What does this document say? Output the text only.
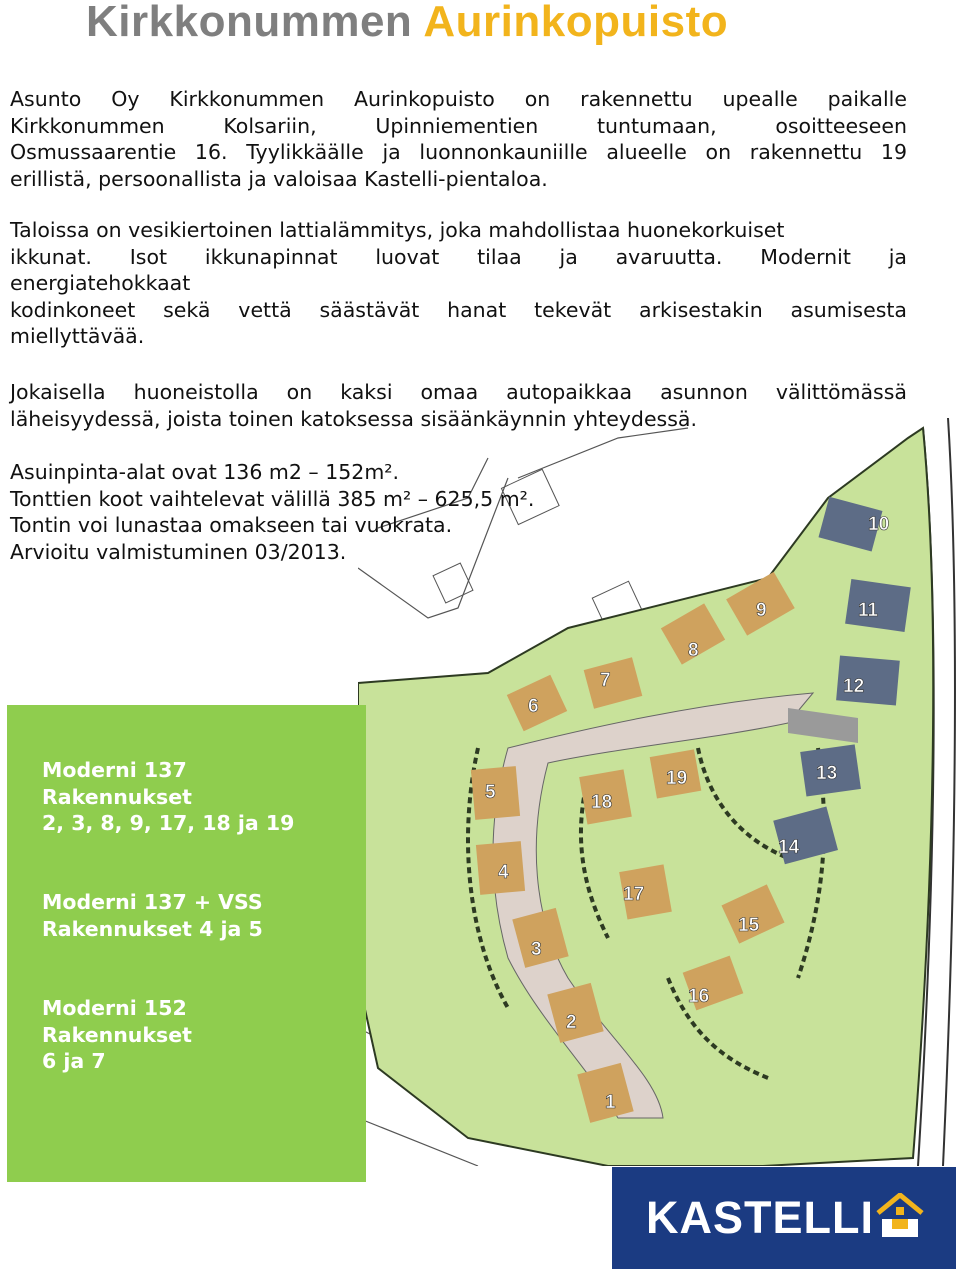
Kirkkonummen Aurinkopuisto

Asunto Oy Kirkkonummen Aurinkopuisto on rakennettu upealle paikalle

Kirkkonummen Kolsariin, Upinniementien tuntumaan, osoitteeseen

Osmussaarentie 16. Tyylikkäälle ja luonnonkauniille alueelle on rakennettu 19

erillistä, persoonallista ja valoisaa Kastelli-pientaloa.

Taloissa on vesikiertoinen lattialämmitys, joka mahdollistaa huonekorkuiset

ikkunat. Isot ikkunapinnat luovat tilaa ja avaruutta. Modernit ja

energiatehokkaat

kodinkoneet sekä vettä säästävät hanat tekevät arkisestakin asumisesta

miellyttävää.

Jokaisella huoneistolla on kaksi omaa autopaikkaa asunnon välittömässä

läheisyydessä, joista toinen katoksessa sisäänkäynnin yhteydessä.

Asuinpinta-alat ovat 136 m2 – 152m².

Tonttien koot vaihtelevat välillä 385 m² – 625,5 m².

Tontin voi lunastaa omakseen tai vuokrata.

Arvioitu valmistuminen 03/2013.

1
2
3
4
5
6
7
8
9
10
11
12
13
14
15
16
17
18
19
Moderni 137
Rakennukset
2, 3, 8, 9, 17, 18 ja 19
Moderni 137 + VSS
Rakennukset 4 ja 5
Moderni 152
Rakennukset
6 ja 7
KASTELLI
